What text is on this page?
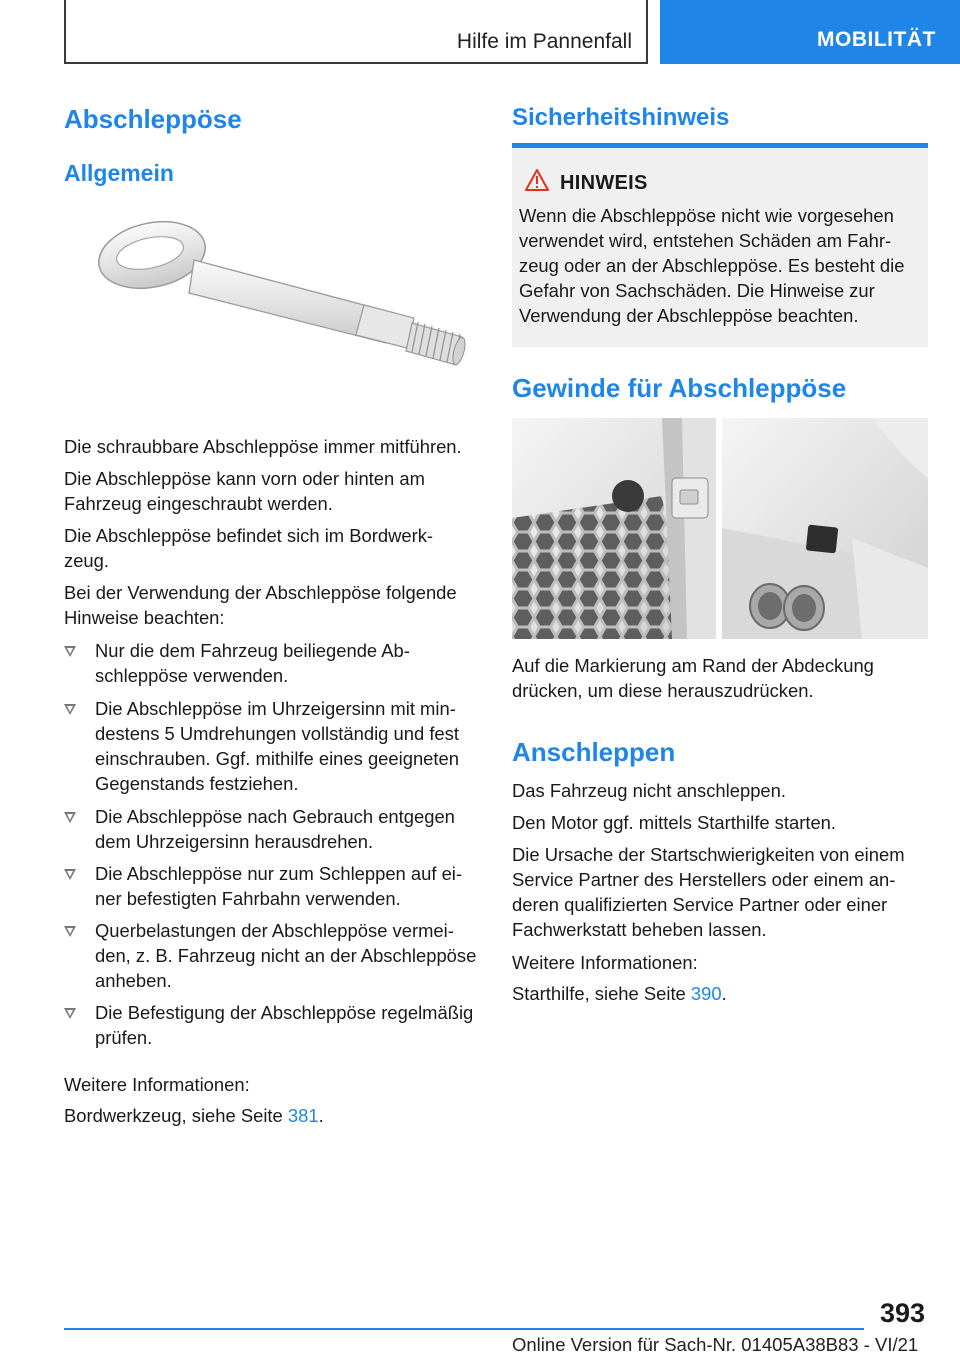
Hilfe im Pannenfall	MOBILITÄT
Abschleppöse
Allgemein

Die schraubbare Abschleppöse immer mitführen.

Die Abschleppöse kann vorn oder hinten am Fahrzeug eingeschraubt werden.

Die Abschleppöse befindet sich im Bordwerkzeug.

Bei der Verwendung der Abschleppöse folgende Hinweise beachten:

Nur die dem Fahrzeug beiliegende Abschleppöse verwenden.
Die Abschleppöse im Uhrzeigersinn mit mindestens 5 Umdrehungen vollständig und fest einschrauben. Ggf. mithilfe eines geeigneten Gegenstands festziehen.
Die Abschleppöse nach Gebrauch entgegen dem Uhrzeigersinn herausdrehen.
Die Abschleppöse nur zum Schleppen auf einer befestigten Fahrbahn verwenden.
Querbelastungen der Abschleppöse vermeiden, z. B. Fahrzeug nicht an der Abschleppöse anheben.
Die Befestigung der Abschleppöse regelmäßig prüfen.

Weitere Informationen:

Bordwerkzeug, siehe Seite 381.

Sicherheitshinweis
HINWEIS
Wenn die Abschleppöse nicht wie vorgesehen verwendet wird, entstehen Schäden am Fahrzeug oder an der Abschleppöse. Es besteht die Gefahr von Sachschäden. Die Hinweise zur Verwendung der Abschleppöse beachten.
Gewinde für Abschleppöse

Auf die Markierung am Rand der Abdeckung drücken, um diese herauszudrücken.

Anschleppen

Das Fahrzeug nicht anschleppen.

Den Motor ggf. mittels Starthilfe starten.

Die Ursache der Startschwierigkeiten von einem Service Partner des Herstellers oder einem anderen qualifizierten Service Partner oder einer Fachwerkstatt beheben lassen.

Weitere Informationen:

Starthilfe, siehe Seite 390.

393
Online Version für Sach-Nr. 01405A38B83 - VI/21
